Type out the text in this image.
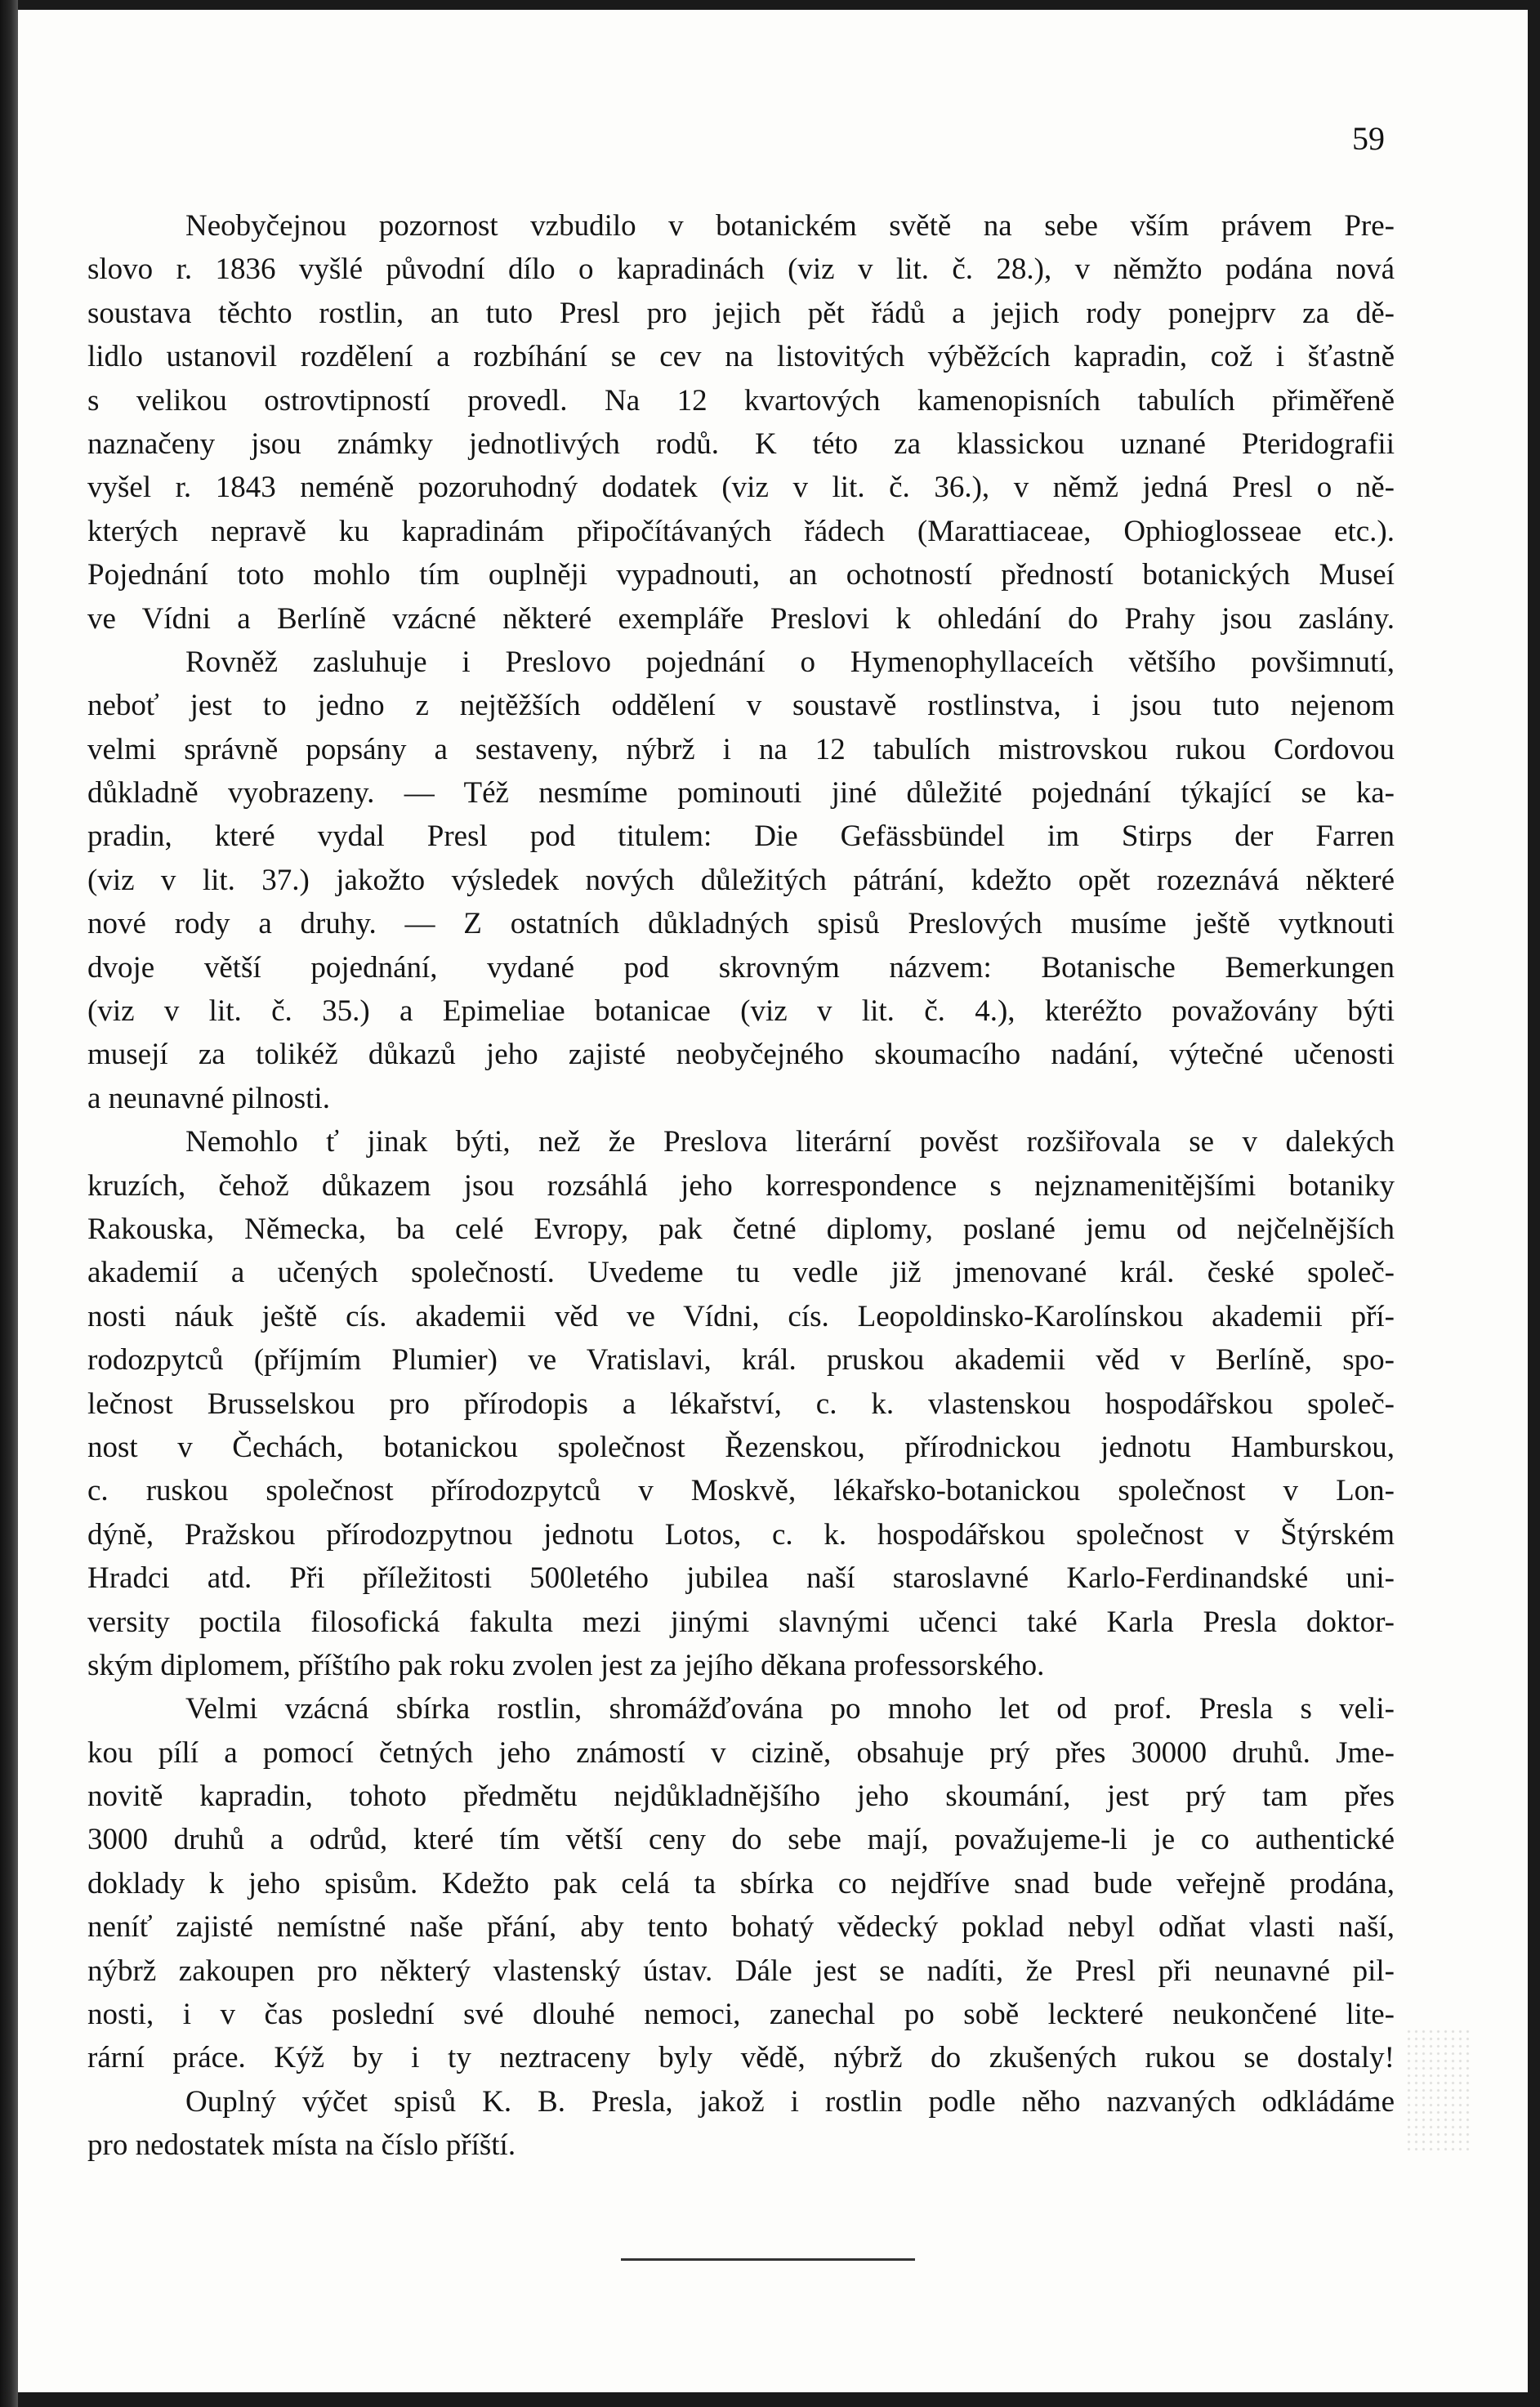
59
Neobyčejnou pozornost vzbudilo v botanickém světě na sebe vším právem Pre-
slovo r. 1836 vyšlé původní dílo o kapradinách (viz v lit. č. 28.), v němžto podána nová
soustava těchto rostlin, an tuto Presl pro jejich pět řádů a jejich rody ponejprv za dě-
lidlo ustanovil rozdělení a rozbíhání se cev na listovitých výběžcích kapradin, což i šťastně
s velikou ostrovtipností provedl. Na 12 kvartových kamenopisních tabulích přiměřeně
naznačeny jsou známky jednotlivých rodů. K této za klassickou uznané Pteridografii
vyšel r. 1843 neméně pozoruhodný dodatek (viz v lit. č. 36.), v němž jedná Presl o ně-
kterých nepravě ku kapradinám připočítávaných řádech (Marattiaceae, Ophioglosseae etc.).
Pojednání toto mohlo tím ouplněji vypadnouti, an ochotností předností botanických Museí
ve Vídni a Berlíně vzácné některé exempláře Preslovi k ohledání do Prahy jsou zaslány.
Rovněž zasluhuje i Preslovo pojednání o Hymenophyllaceích většího povšimnutí,
neboť jest to jedno z nejtěžších oddělení v soustavě rostlinstva, i jsou tuto nejenom
velmi správně popsány a sestaveny, nýbrž i na 12 tabulích mistrovskou rukou Cordovou
důkladně vyobrazeny. — Též nesmíme pominouti jiné důležité pojednání týkající se ka-
pradin, které vydal Presl pod titulem: Die Gefässbündel im Stirps der Farren
(viz v lit. 37.) jakožto výsledek nových důležitých pátrání, kdežto opět rozeznává některé
nové rody a druhy. — Z ostatních důkladných spisů Preslových musíme ještě vytknouti
dvoje větší pojednání, vydané pod skrovným názvem: Botanische Bemerkungen
(viz v lit. č. 35.) a Epimeliae botanicae (viz v lit. č. 4.), kteréžto považovány býti
musejí za tolikéž důkazů jeho zajisté neobyčejného skoumacího nadání, výtečné učenosti
a neunavné pilnosti.
Nemohlo ť jinak býti, než že Preslova literární pověst rozšiřovala se v dalekých
kruzích, čehož důkazem jsou rozsáhlá jeho korrespondence s nejznamenitějšími botaniky
Rakouska, Německa, ba celé Evropy, pak četné diplomy, poslané jemu od nejčelnějších
akademií a učených společností. Uvedeme tu vedle již jmenované král. české společ-
nosti náuk ještě cís. akademii věd ve Vídni, cís. Leopoldinsko-Karolínskou akademii pří-
rodozpytců (příjmím Plumier) ve Vratislavi, král. pruskou akademii věd v Berlíně, spo-
lečnost Brusselskou pro přírodopis a lékařství, c. k. vlastenskou hospodářskou společ-
nost v Čechách, botanickou společnost Řezenskou, přírodnickou jednotu Hamburskou,
c. ruskou společnost přírodozpytců v Moskvě, lékařsko-botanickou společnost v Lon-
dýně, Pražskou přírodozpytnou jednotu Lotos, c. k. hospodářskou společnost v Štýrském
Hradci atd. Při příležitosti 500letého jubilea naší staroslavné Karlo-Ferdinandské uni-
versity poctila filosofická fakulta mezi jinými slavnými učenci také Karla Presla doktor-
ským diplomem, příštího pak roku zvolen jest za jejího děkana professorského.
Velmi vzácná sbírka rostlin, shromážďována po mnoho let od prof. Presla s veli-
kou pílí a pomocí četných jeho známostí v cizině, obsahuje prý přes 30000 druhů. Jme-
novitě kapradin, tohoto předmětu nejdůkladnějšího jeho skoumání, jest prý tam přes
3000 druhů a odrůd, které tím větší ceny do sebe mají, považujeme-li je co authentické
doklady k jeho spisům. Kdežto pak celá ta sbírka co nejdříve snad bude veřejně prodána,
neníť zajisté nemístné naše přání, aby tento bohatý vědecký poklad nebyl odňat vlasti naší,
nýbrž zakoupen pro některý vlastenský ústav. Dále jest se nadíti, že Presl při neunavné pil-
nosti, i v čas poslední své dlouhé nemoci, zanechal po sobě leckteré neukončené lite-
rární práce. Kýž by i ty neztraceny byly vědě, nýbrž do zkušených rukou se dostaly!
Ouplný výčet spisů K. B. Presla, jakož i rostlin podle něho nazvaných odkládáme
pro nedostatek místa na číslo příští.
